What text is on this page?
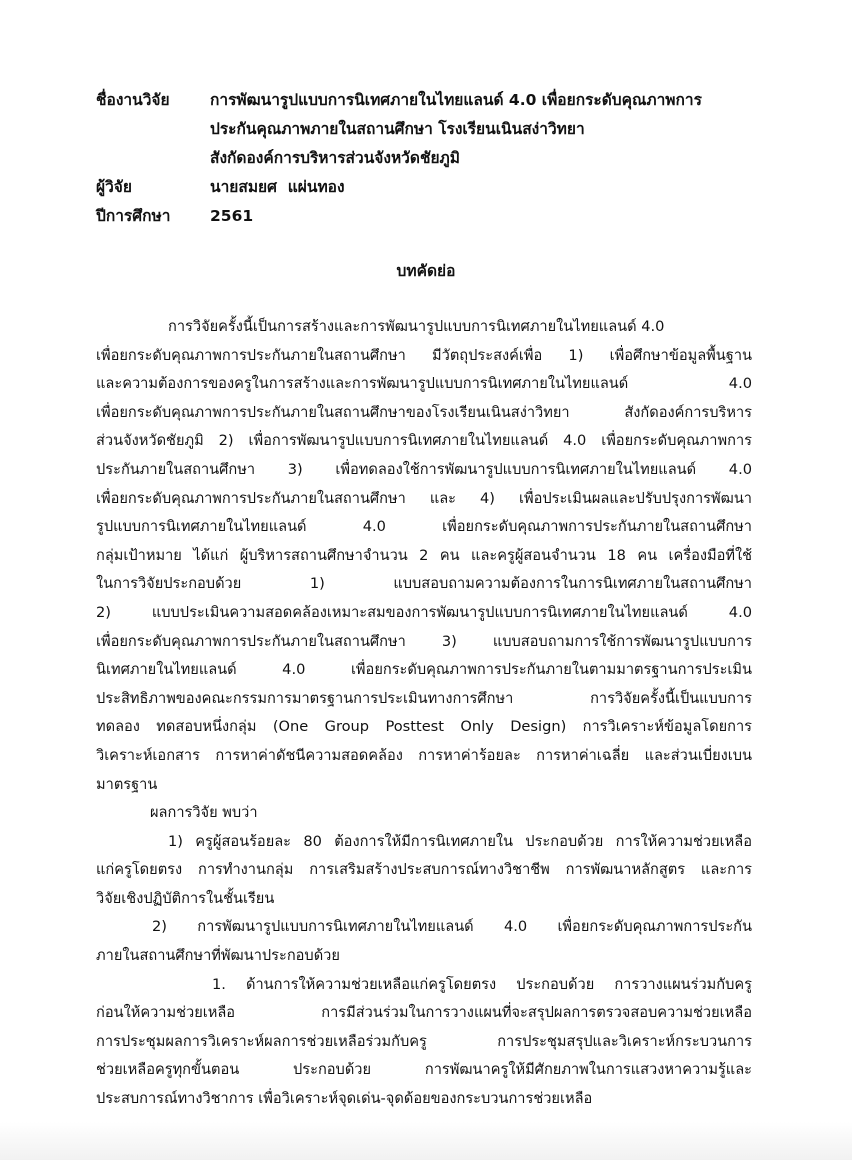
ชื่องานวิจัย	การพัฒนารูปแบบการนิเทศภายในไทยแลนด์ 4.0 เพื่อยกระดับคุณภาพการ
ประกันคุณภาพภายในสถานศึกษา โรงเรียนเนินสง่าวิทยา
สังกัดองค์การบริหารส่วนจังหวัดชัยภูมิ
ผู้วิจัย	นายสมยศ  แผ่นทอง
ปีการศึกษา	2561
บทคัดย่อ
การวิจัยครั้งนี้เป็นการสร้างและการพัฒนารูปแบบการนิเทศภายในไทยแลนด์ 4.0
เพื่อยกระดับคุณภาพการประกันภายในสถานศึกษา มีวัตถุประสงค์เพื่อ 1) เพื่อศึกษาข้อมูลพื้นฐาน
และความต้องการของครูในการสร้างและการพัฒนารูปแบบการนิเทศภายในไทยแลนด์ 4.0
เพื่อยกระดับคุณภาพการประกันภายในสถานศึกษาของโรงเรียนเนินสง่าวิทยา สังกัดองค์การบริหาร
ส่วนจังหวัดชัยภูมิ 2) เพื่อการพัฒนารูปแบบการนิเทศภายในไทยแลนด์ 4.0 เพื่อยกระดับคุณภาพการ
ประกันภายในสถานศึกษา 3) เพื่อทดลองใช้การพัฒนารูปแบบการนิเทศภายในไทยแลนด์ 4.0
เพื่อยกระดับคุณภาพการประกันภายในสถานศึกษา และ 4) เพื่อประเมินผลและปรับปรุงการพัฒนา
รูปแบบการนิเทศภายในไทยแลนด์ 4.0 เพื่อยกระดับคุณภาพการประกันภายในสถานศึกษา
กลุ่มเป้าหมาย ได้แก่ ผู้บริหารสถานศึกษาจำนวน 2 คน และครูผู้สอนจำนวน 18 คน เครื่องมือที่ใช้
ในการวิจัยประกอบด้วย 1) แบบสอบถามความต้องการในการนิเทศภายในสถานศึกษา
2) แบบประเมินความสอดคล้องเหมาะสมของการพัฒนารูปแบบการนิเทศภายในไทยแลนด์ 4.0
เพื่อยกระดับคุณภาพการประกันภายในสถานศึกษา 3) แบบสอบถามการใช้การพัฒนารูปแบบการ
นิเทศภายในไทยแลนด์ 4.0 เพื่อยกระดับคุณภาพการประกันภายในตามมาตรฐานการประเมิน
ประสิทธิภาพของคณะกรรมการมาตรฐานการประเมินทางการศึกษา การวิจัยครั้งนี้เป็นแบบการ
ทดลอง ทดสอบหนึ่งกลุ่ม (One Group Posttest Only Design) การวิเคราะห์ข้อมูลโดยการ
วิเคราะห์เอกสาร การหาค่าดัชนีความสอดคล้อง การหาค่าร้อยละ การหาค่าเฉลี่ย และส่วนเบี่ยงเบน
มาตรฐาน
ผลการวิจัย พบว่า
1) ครูผู้สอนร้อยละ 80 ต้องการให้มีการนิเทศภายใน ประกอบด้วย การให้ความช่วยเหลือ
แก่ครูโดยตรง การทำงานกลุ่ม การเสริมสร้างประสบการณ์ทางวิชาชีพ การพัฒนาหลักสูตร และการ
วิจัยเชิงปฏิบัติการในชั้นเรียน
2) การพัฒนารูปแบบการนิเทศภายในไทยแลนด์ 4.0 เพื่อยกระดับคุณภาพการประกัน
ภายในสถานศึกษาที่พัฒนาประกอบด้วย
1. ด้านการให้ความช่วยเหลือแก่ครูโดยตรง ประกอบด้วย การวางแผนร่วมกับครู
ก่อนให้ความช่วยเหลือ การมีส่วนร่วมในการวางแผนที่จะสรุปผลการตรวจสอบความช่วยเหลือ
การประชุมผลการวิเคราะห์ผลการช่วยเหลือร่วมกับครู การประชุมสรุปและวิเคราะห์กระบวนการ
ช่วยเหลือครูทุกขั้นตอน ประกอบด้วย การพัฒนาครูให้มีศักยภาพในการแสวงหาความรู้และ
ประสบการณ์ทางวิชาการ เพื่อวิเคราะห์จุดเด่น-จุดด้อยของกระบวนการช่วยเหลือ
